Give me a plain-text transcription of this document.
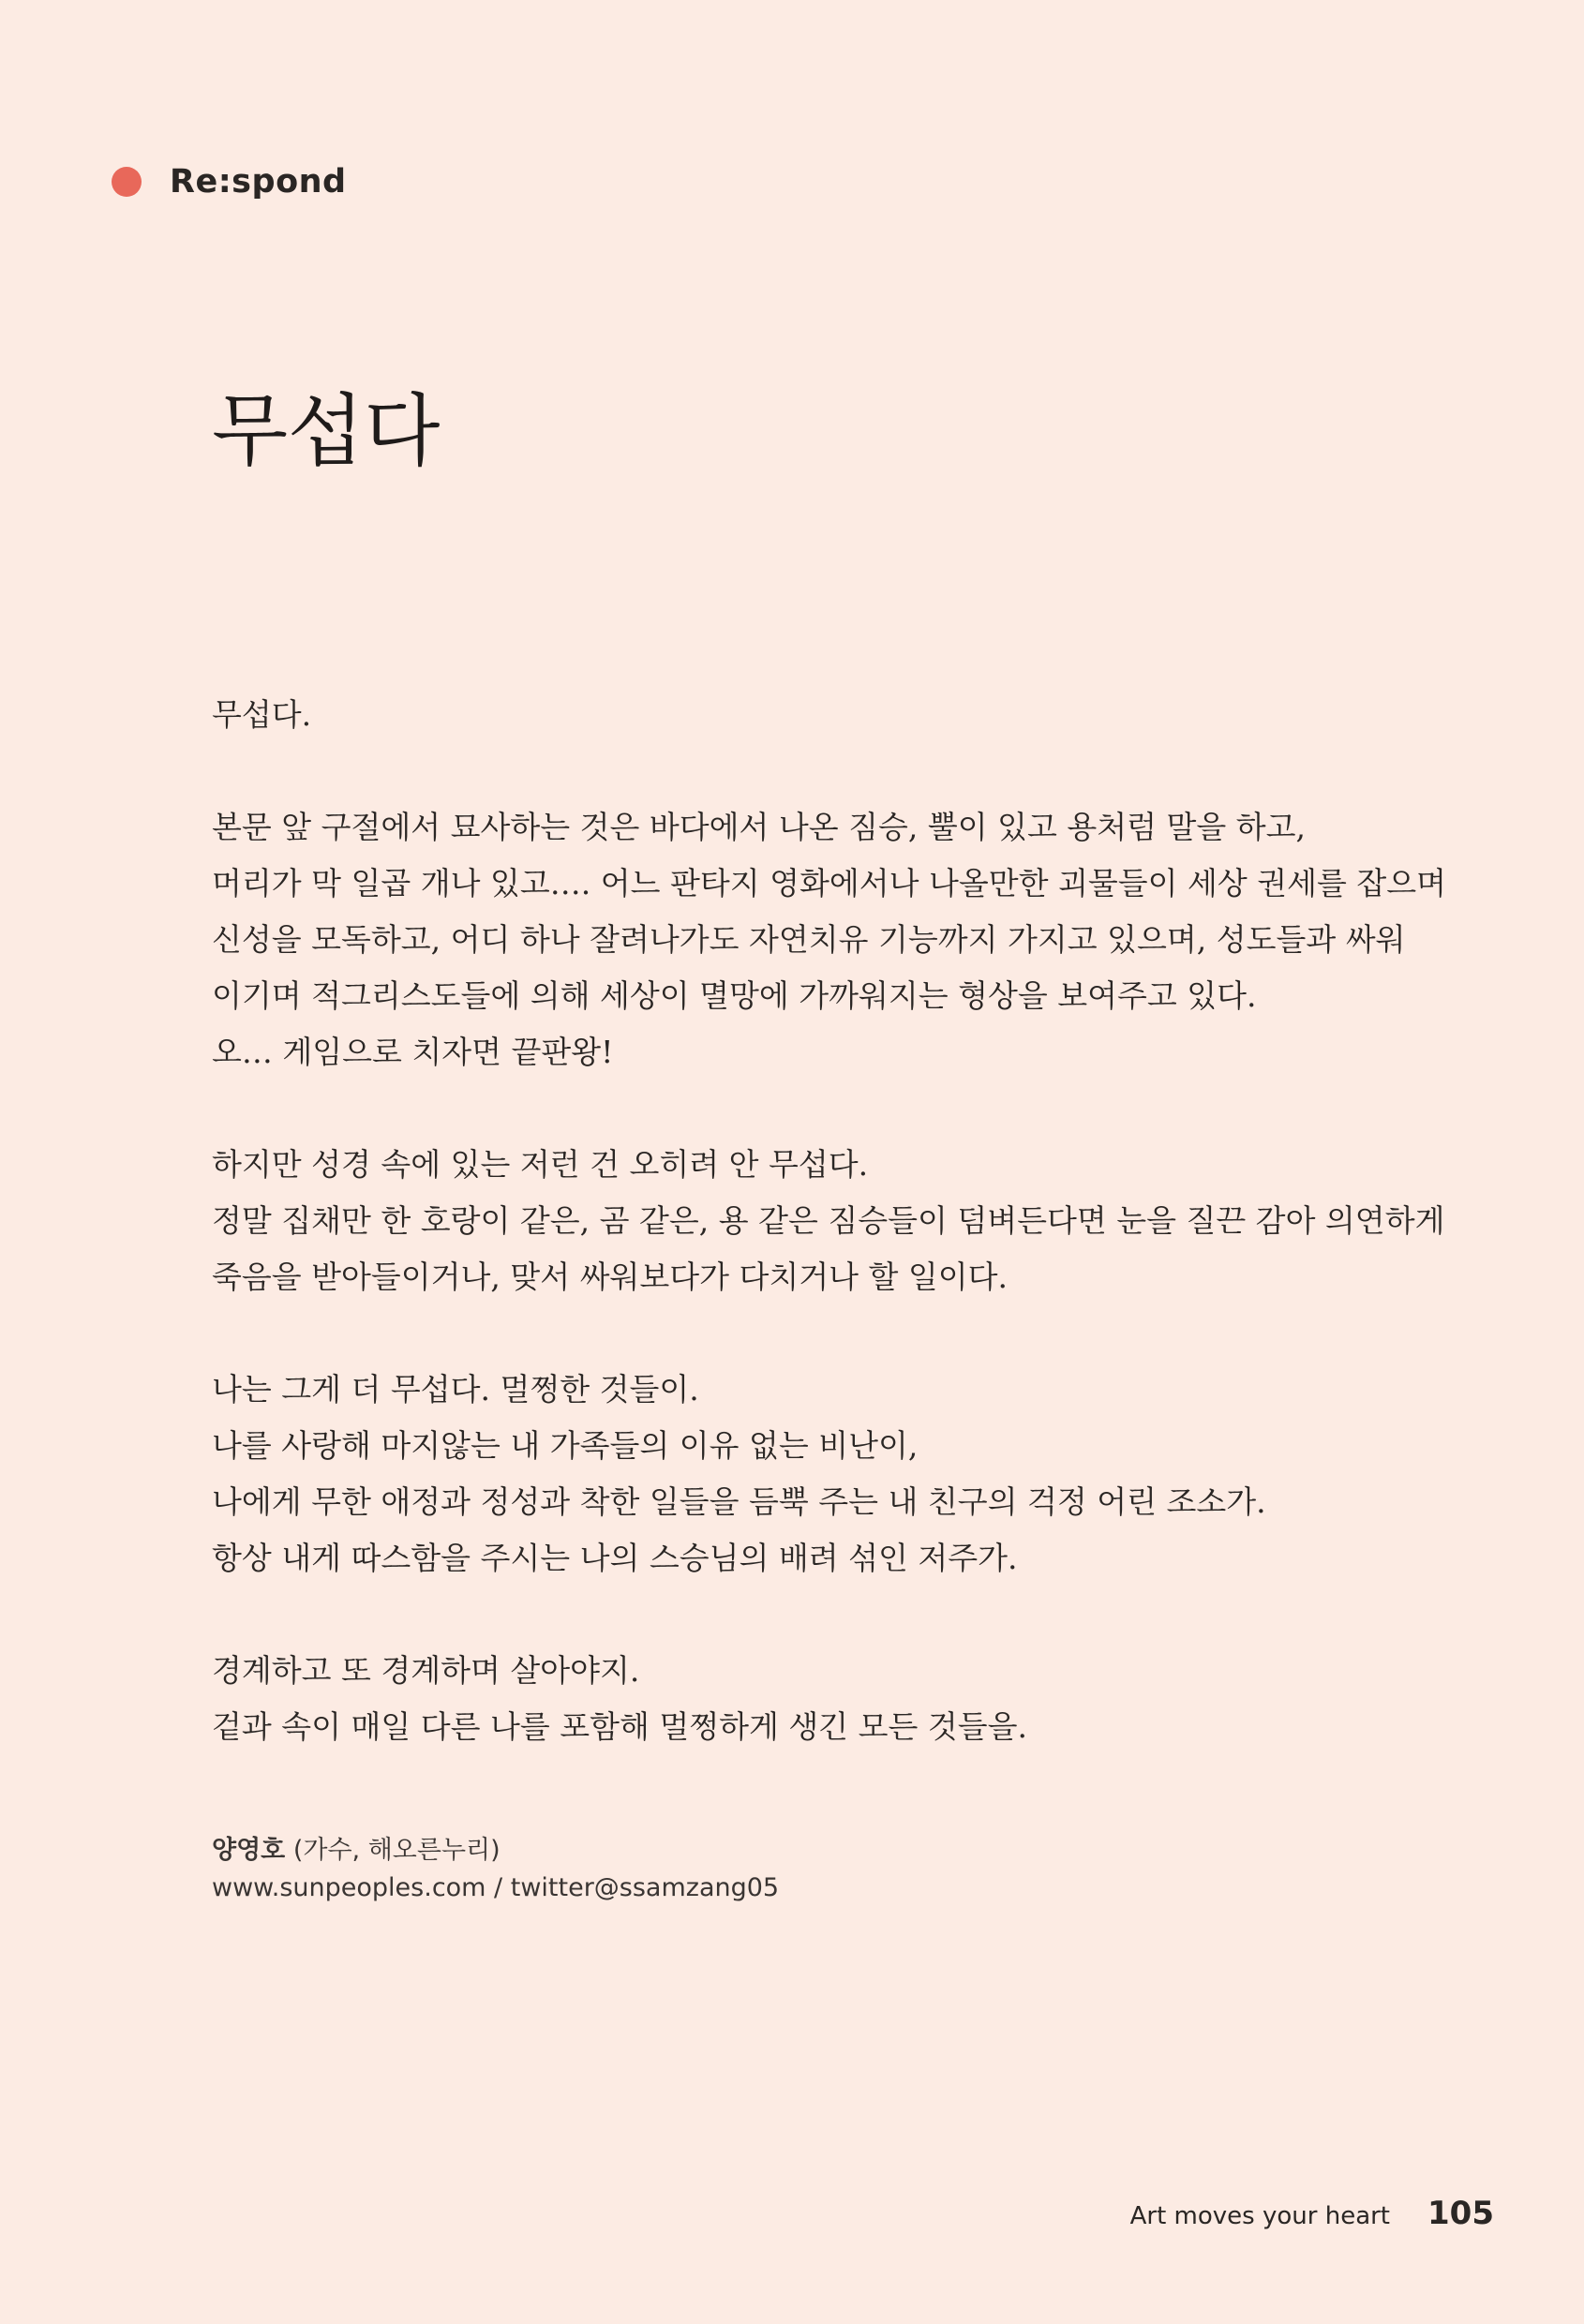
Re:spond
무섭다

무섭다.

본문 앞 구절에서 묘사하는 것은 바다에서 나온 짐승, 뿔이 있고 용처럼 말을 하고,
머리가 막 일곱 개나 있고…. 어느 판타지 영화에서나 나올만한 괴물들이 세상 권세를 잡으며
신성을 모독하고, 어디 하나 잘려나가도 자연치유 기능까지 가지고 있으며, 성도들과 싸워
이기며 적그리스도들에 의해 세상이 멸망에 가까워지는 형상을 보여주고 있다.
오… 게임으로 치자면 끝판왕!

하지만 성경 속에 있는 저런 건 오히려 안 무섭다.
정말 집채만 한 호랑이 같은, 곰 같은, 용 같은 짐승들이 덤벼든다면 눈을 질끈 감아 의연하게
죽음을 받아들이거나, 맞서 싸워보다가 다치거나 할 일이다.

나는 그게 더 무섭다. 멀쩡한 것들이.
나를 사랑해 마지않는 내 가족들의 이유 없는 비난이,
나에게 무한 애정과 정성과 착한 일들을 듬뿍 주는 내 친구의 걱정 어린 조소가.
항상 내게 따스함을 주시는 나의 스승님의 배려 섞인 저주가.

경계하고 또 경계하며 살아야지.
겉과 속이 매일 다른 나를 포함해 멀쩡하게 생긴 모든 것들을.

양영호 (가수, 해오른누리)
www.sunpeoples.com / twitter@ssamzang05
Art moves your heart 105
